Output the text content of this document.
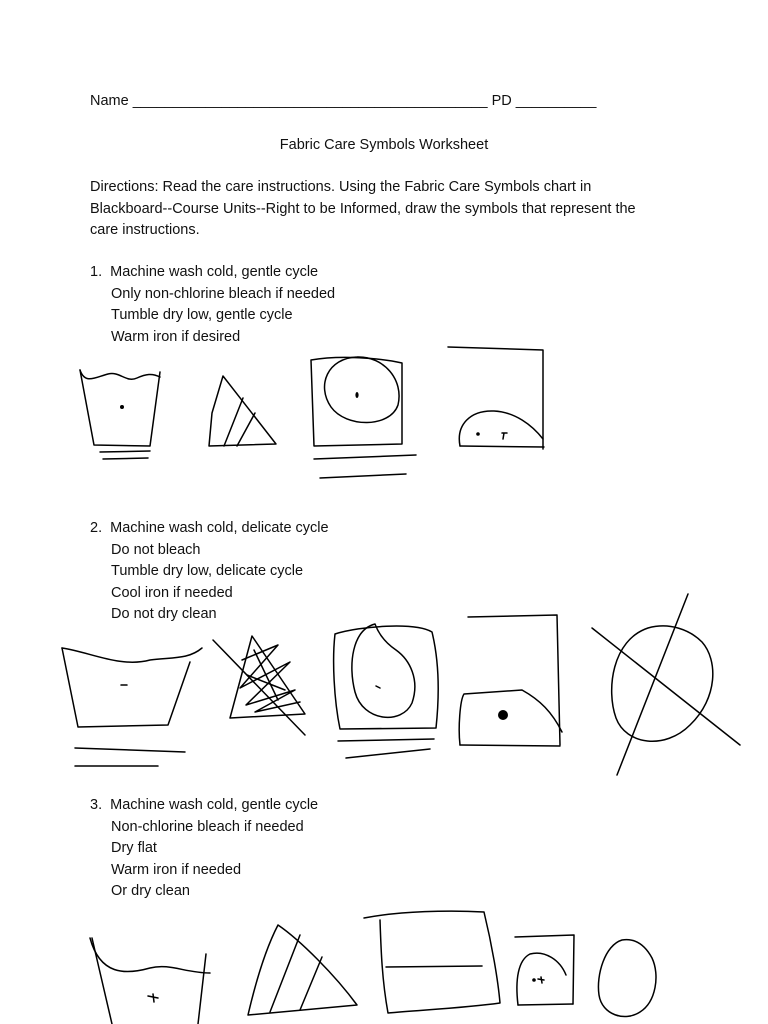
Name ____________________________________________ PD __________
Fabric Care Symbols Worksheet
Directions: Read the care instructions. Using the Fabric Care Symbols chart in
Blackboard--Course Units--Right to be Informed, draw the symbols that represent the
care instructions.
1. Machine wash cold, gentle cycle
Only non-chlorine bleach if needed
Tumble dry low, gentle cycle
Warm iron if desired
2. Machine wash cold, delicate cycle
Do not bleach
Tumble dry low, delicate cycle
Cool iron if needed
Do not dry clean
3. Machine wash cold, gentle cycle
Non-chlorine bleach if needed
Dry flat
Warm iron if needed
Or dry clean
